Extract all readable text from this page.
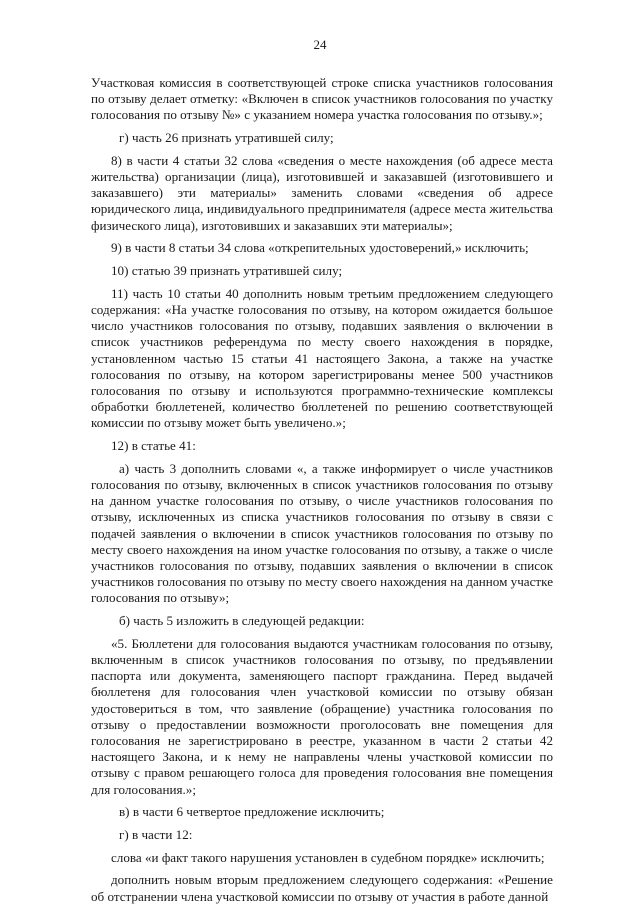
24

Участковая комиссия в соответствующей строке списка участников голосования по отзыву делает отметку: «Включен в список участников голосования по участку голосования по отзыву №» с указанием номера участка голосования по отзыву.»;

г) часть 26 признать утратившей силу;

8) в части 4 статьи 32 слова «сведения о месте нахождения (об адресе места жительства) организации (лица), изготовившей и заказавшей (изготовившего и заказавшего) эти материалы» заменить словами «сведения об адресе юридического лица, индивидуального предпринимателя (адресе места жительства физического лица), изготовивших и заказавших эти материалы»;

9) в части 8 статьи 34 слова «открепительных удостоверений,» исключить;

10) статью 39 признать утратившей силу;

11) часть 10 статьи 40 дополнить новым третьим предложением следующего содержания: «На участке голосования по отзыву, на котором ожидается большое число участников голосования по отзыву, подавших заявления о включении в список участников референдума по месту своего нахождения в порядке, установленном частью 15 статьи 41 настоящего Закона, а также на участке голосования по отзыву, на котором зарегистрированы менее 500 участников голосования по отзыву и используются программно-технические комплексы обработки бюллетеней, количество бюллетеней по решению соответствующей комиссии по отзыву может быть увеличено.»;

12) в статье 41:

а) часть 3 дополнить словами «, а также информирует о числе участников голосования по отзыву, включенных в список участников голосования по отзыву на данном участке голосования по отзыву, о числе участников голосования по отзыву, исключенных из списка участников голосования по отзыву в связи с подачей заявления о включении в список участников голосования по отзыву по месту своего нахождения на ином участке голосования по отзыву, а также о числе участников голосования по отзыву, подавших заявления о включении в список участников голосования по отзыву по месту своего нахождения на данном участке голосования по отзыву»;

б) часть 5 изложить в следующей редакции:

«5. Бюллетени для голосования выдаются участникам голосования по отзыву, включенным в список участников голосования по отзыву, по предъявлении паспорта или документа, заменяющего паспорт гражданина. Перед выдачей бюллетеня для голосования член участковой комиссии по отзыву обязан удостовериться в том, что заявление (обращение) участника голосования по отзыву о предоставлении возможности проголосовать вне помещения для голосования не зарегистрировано в реестре, указанном в части 2 статьи 42 настоящего Закона, и к нему не направлены члены участковой комиссии по отзыву с правом решающего голоса для проведения голосования вне помещения для голосования.»;

в) в части 6 четвертое предложение исключить;

г) в части 12:

слова «и факт такого нарушения установлен в судебном порядке» исключить;

дополнить новым вторым предложением следующего содержания: «Решение об отстранении члена участковой комиссии по отзыву от участия в работе данной
